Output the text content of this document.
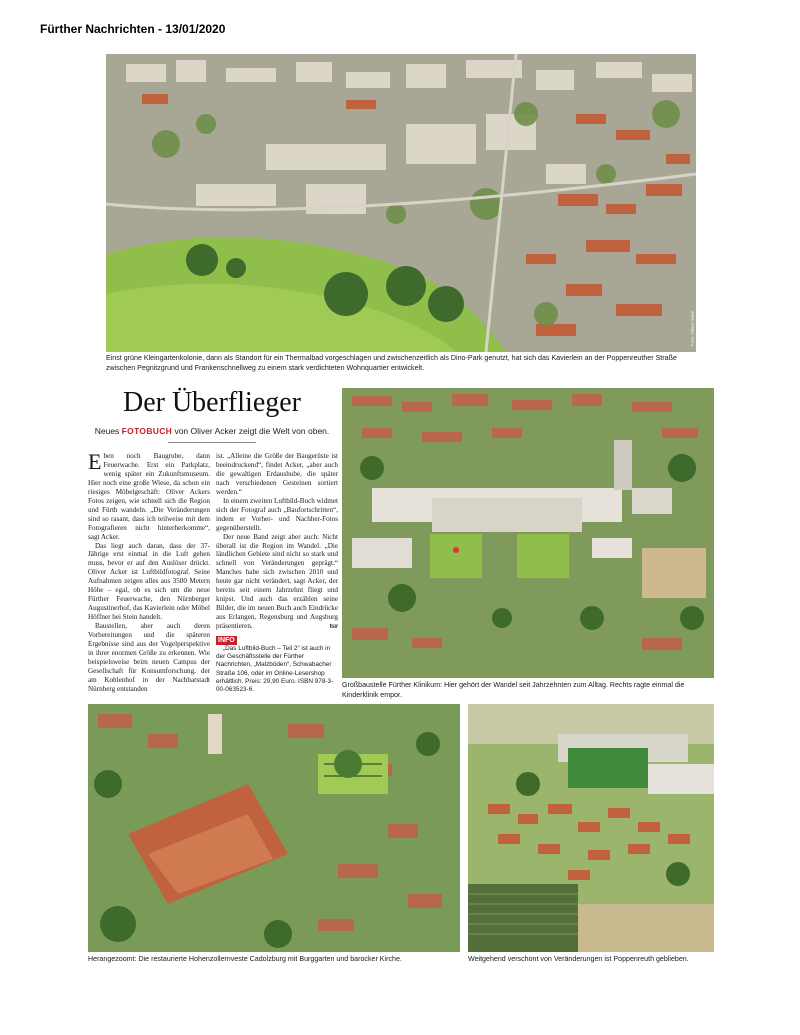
Fürther Nachrichten - 13/01/2020
Foto: Oliver Acker
Einst grüne Kleingartenkolonie, dann als Standort für ein Thermalbad vorgeschlagen und zwischenzeitlich als Dino-Park genutzt, hat sich das Kavierlein an der Poppenreuther Straße zwischen Pegnitzgrund und Frankenschnellweg zu einem stark verdichteten Wohnquartier entwickelt.
Der Überflieger
Neues FOTOBUCH von Oliver Acker zeigt die Welt von oben.

Eben noch Baugrube, dann Feuerwache. Erst ein Parkplatz, wenig später ein Zukunftsmuseum. Hier noch eine große Wiese, da schon ein riesiges Möbelgeschäft: Oliver Ackers Fotos zeigen, wie schnell sich die Region und Fürth wandeln. „Die Veränderungen sind so rasant, dass ich teilweise mit dem Fotografieren nicht hinterherkomme“, sagt Acker.

Das liegt auch daran, dass der 37-Jährige erst einmal in die Luft gehen muss, bevor er auf den Auslöser drückt. Oliver Acker ist Luftbildfotograf. Seine Aufnahmen zeigen alles aus 3500 Metern Höhe – egal, ob es sich um die neue Fürther Feuerwache, den Nürnberger Augustinerhof, das Kavierlein oder Möbel Höffner bei Stein handelt.

Baustellen, aber auch deren Vorbereitungen und die späteren Ergebnisse sind aus der Vogelperspektive in ihrer enormen Größe zu erkennen. Wie beispielsweise beim neuen Campus der Gesellschaft für Konsumforschung, der am Kohlenhof in der Nachbarstadt Nürnberg entstanden

ist. „Alleine die Größe der Baugerüste ist beeindruckend“, findet Acker, „aber auch die gewaltigen Erdaushube, die später nach verschiedenen Gesteinen sortiert werden.“

In einem zweiten Luftbild-Buch widmet sich der Fotograf auch „Baufortschritten“, indem er Vorher- und Nachher-Fotos gegenüberstellt.

Der neue Band zeigt aber auch: Nicht überall ist die Region im Wandel. „Die ländlichen Gebiete sind nicht so stark und schnell von Veränderungen geprägt.“ Manches habe sich zwischen 2010 und heute gar nicht verändert, sagt Acker, der bereits seit einem Jahrzehnt fliegt und knipst. Und auch das erzählen seine Bilder, die im neuen Buch auch Eindrücke aus Erlangen, Regensburg und Augsburg präsentieren.	tsr

INFO

„Das Luftbild-Buch – Teil 2“ ist auch in der Geschäftsstelle der Fürther Nachrichten, „Malzböden“, Schwabacher Straße 106, oder im Online-Lesershop erhältlich. Preis: 29,90 Euro. ISBN 978-3-00-063523-6.

Großbaustelle Fürther Klinikum: Hier gehört der Wandel seit Jahrzehnten zum Alltag. Rechts ragte einmal die Kinderklinik empor.
Herangezoomt: Die restaurierte Hohenzollernveste Cadolzburg mit Burggarten und barocker Kirche.	Weitgehend verschont von Veränderungen ist Poppenreuth geblieben.
